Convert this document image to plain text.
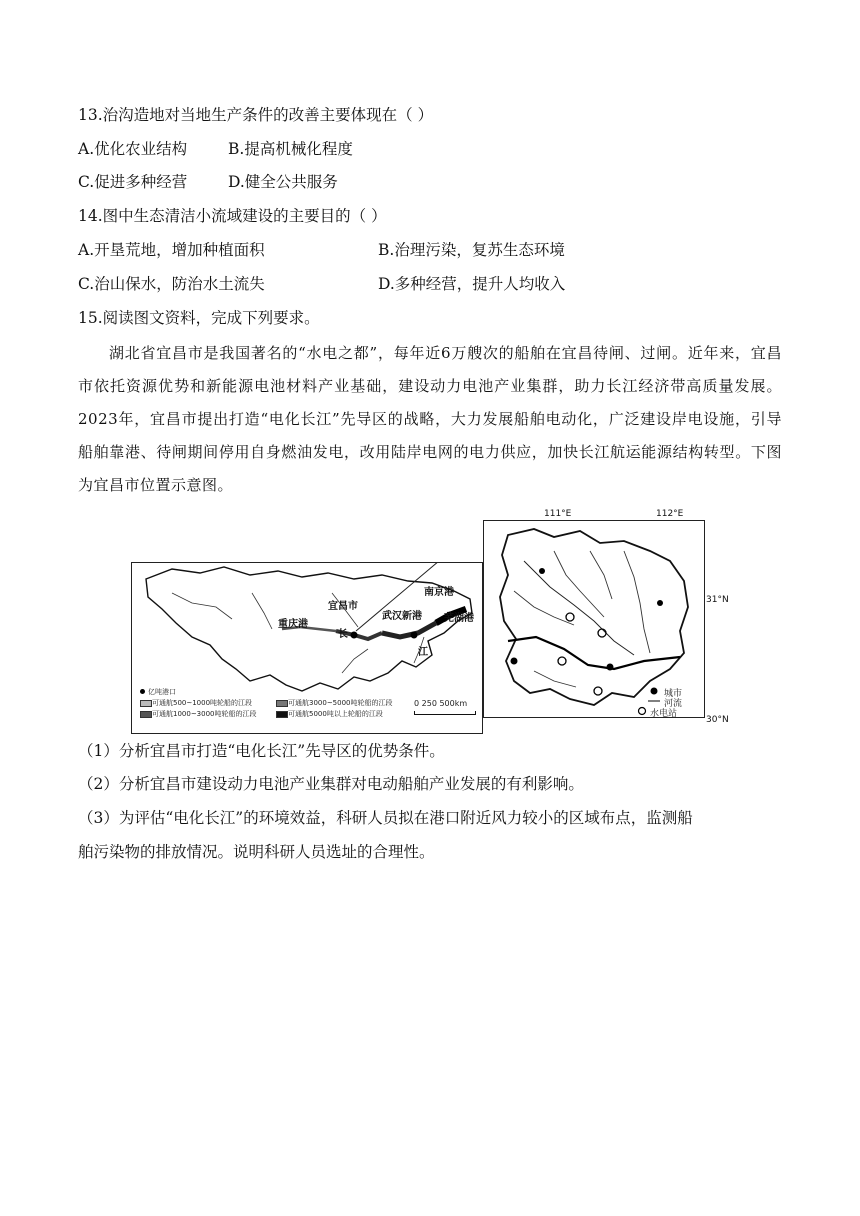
13.治沟造地对当地生产条件的改善主要体现在（ ）
A.优化农业结构	B.提高机械化程度
C.促进多种经营	D.健全公共服务
14.图中生态清洁小流域建设的主要目的（ ）
A.开垦荒地，增加种植面积	B.治理污染，复苏生态环境
C.治山保水，防治水土流失	D.多种经营，提升人均收入
15.阅读图文资料，完成下列要求。
湖北省宜昌市是我国著名的“水电之都”，每年近6万艘次的船舶在宜昌待闸、过闸。近年来，宜昌市依托资源优势和新能源电池材料产业基础，建设动力电池产业集群，助力长江经济带高质量发展。2023年，宜昌市提出打造“电化长江”先导区的战略，大力发展船舶电动化，广泛建设岸电设施，引导船舶靠港、待闸期间停用自身燃油发电，改用陆岸电网的电力供应，加快长江航运能源结构转型。下图为宜昌市位置示意图。
宜昌市
重庆港
武汉新港
南京港
芜湖港
长
江
亿吨港口
可通航500~1000吨轮船的江段
可通航1000~3000吨轮船的江段
可通航3000~5000吨轮船的江段
可通航5000吨以上轮船的江段
0 250 500km
111°E	112°E
31°N
30°N
城市
河流
水电站
（1）分析宜昌市打造“电化长江”先导区的优势条件。
（2）分析宜昌市建设动力电池产业集群对电动船舶产业发展的有利影响。
（3）为评估“电化长江”的环境效益，科研人员拟在港口附近风力较小的区域布点，监测船
舶污染物的排放情况。说明科研人员选址的合理性。
